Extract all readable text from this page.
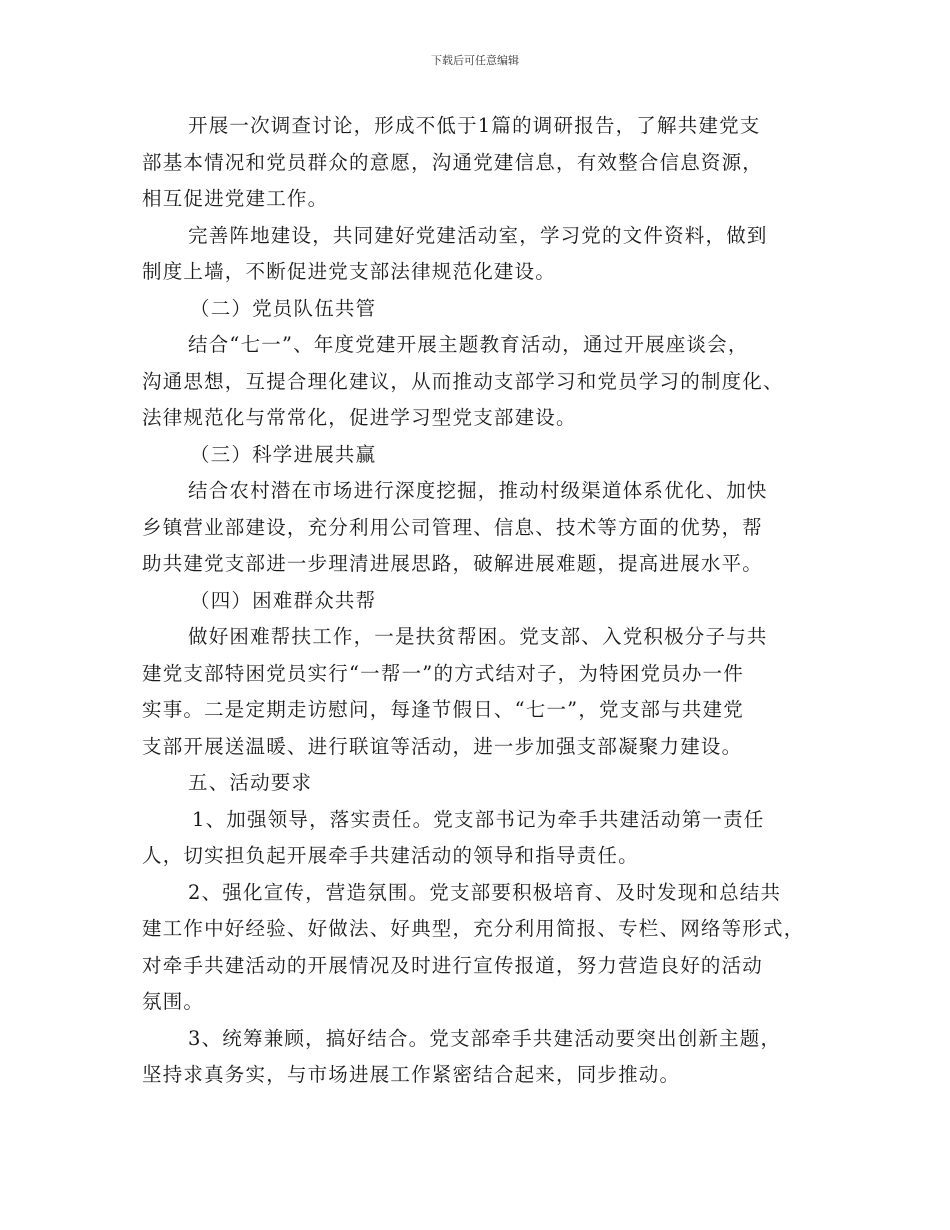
下载后可任意编辑
开展一次调查讨论，形成不低于1篇的调研报告，了解共建党支
部基本情况和党员群众的意愿，沟通党建信息，有效整合信息资源，
相互促进党建工作。
完善阵地建设，共同建好党建活动室，学习党的文件资料，做到
制度上墙，不断促进党支部法律规范化建设。
（二）党员队伍共管
结合“七一”、年度党建开展主题教育活动，通过开展座谈会，
沟通思想，互提合理化建议，从而推动支部学习和党员学习的制度化、
法律规范化与常常化，促进学习型党支部建设。
（三）科学进展共赢
结合农村潜在市场进行深度挖掘，推动村级渠道体系优化、加快
乡镇营业部建设，充分利用公司管理、信息、技术等方面的优势，帮
助共建党支部进一步理清进展思路，破解进展难题，提高进展水平。
（四）困难群众共帮
做好困难帮扶工作，一是扶贫帮困。党支部、入党积极分子与共
建党支部特困党员实行“一帮一”的方式结对子，为特困党员办一件
实事。二是定期走访慰问，每逢节假日、“七一”，党支部与共建党
支部开展送温暖、进行联谊等活动，进一步加强支部凝聚力建设。
五、活动要求
1、加强领导，落实责任。党支部书记为牵手共建活动第一责任
人，切实担负起开展牵手共建活动的领导和指导责任。
2、强化宣传，营造氛围。党支部要积极培育、及时发现和总结共
建工作中好经验、好做法、好典型，充分利用简报、专栏、网络等形式，
对牵手共建活动的开展情况及时进行宣传报道，努力营造良好的活动
氛围。
3、统筹兼顾，搞好结合。党支部牵手共建活动要突出创新主题，
坚持求真务实，与市场进展工作紧密结合起来，同步推动。
